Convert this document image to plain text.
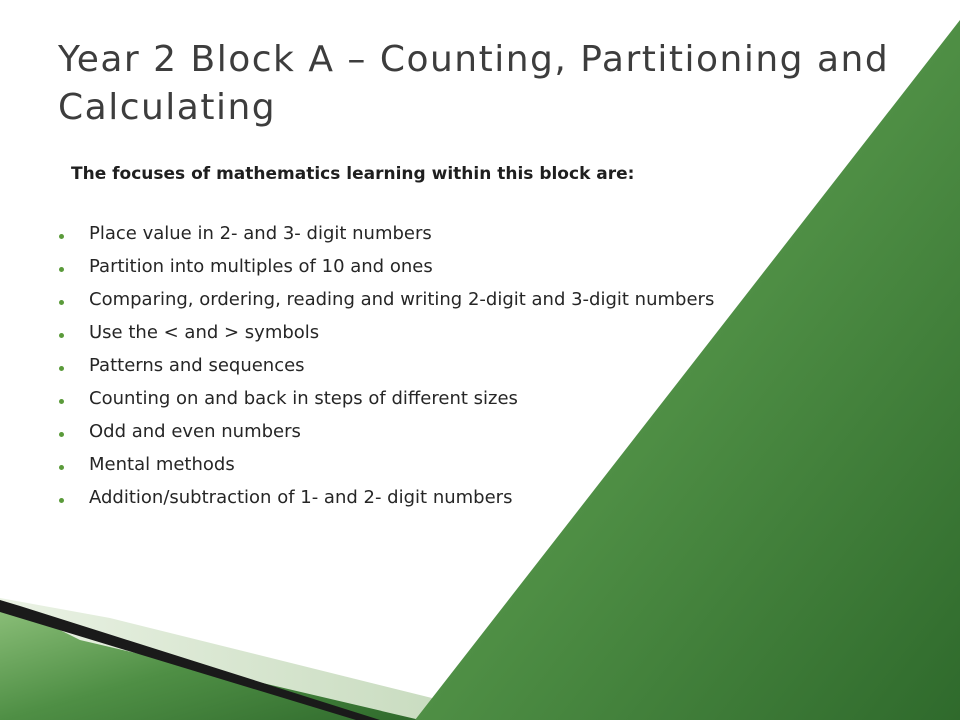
Year 2 Block A – Counting, Partitioning and Calculating

The focuses of mathematics learning within this block are:

Place value in 2- and 3- digit numbers
Partition into multiples of 10 and ones
Comparing, ordering, reading and writing 2-digit and 3-digit numbers
Use the < and > symbols
Patterns and sequences
Counting on and back in steps of different sizes
Odd and even numbers
Mental methods
Addition/subtraction of 1- and 2- digit numbers
